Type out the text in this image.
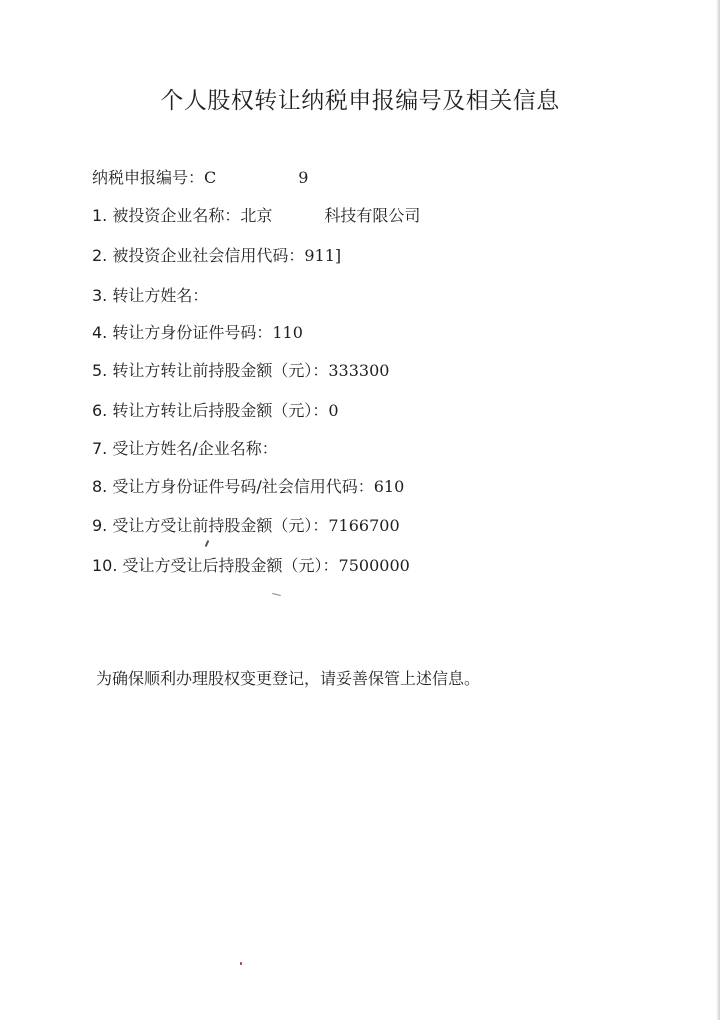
个人股权转让纳税申报编号及相关信息
纳税申报编号：C	9
1. 被投资企业名称：北京	科技有限公司
2. 被投资企业社会信用代码：911]
3. 转让方姓名：
4. 转让方身份证件号码：110
5. 转让方转让前持股金额（元）：333300
6. 转让方转让后持股金额（元）：0
7. 受让方姓名/企业名称：
8. 受让方身份证件号码/社会信用代码：610
9. 受让方受让前持股金额（元）：7166700
10. 受让方受让后持股金额（元）：7500000
为确保顺利办理股权变更登记，请妥善保管上述信息。
